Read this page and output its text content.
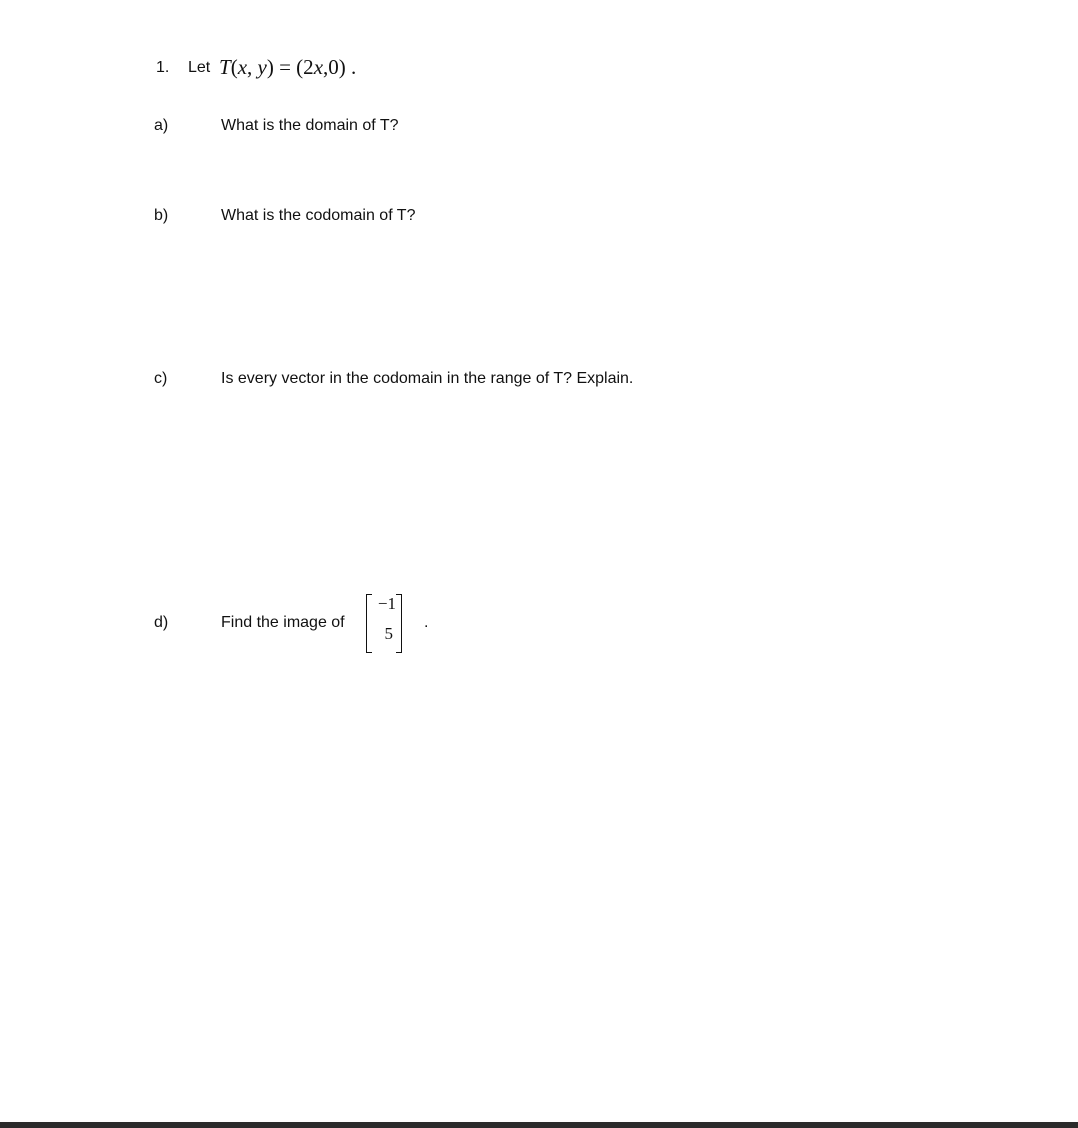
1. Let T(x, y) = (2x,0) .
a)	What is the domain of T?
b)	What is the codomain of T?
c)	Is every vector in the codomain in the range of T? Explain.
d)	Find the image of
−1
5
.
